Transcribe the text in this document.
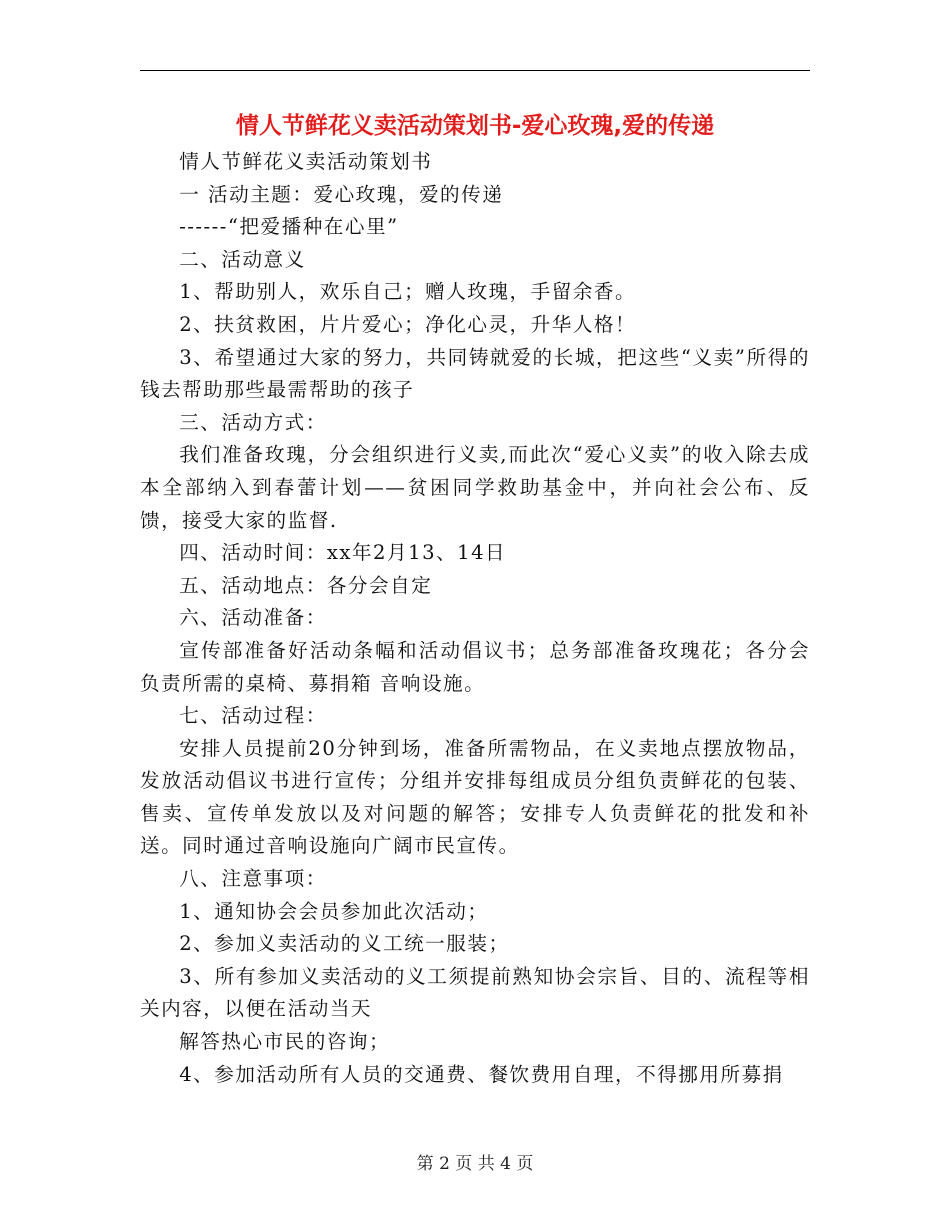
情人节鲜花义卖活动策划书-爱心玫瑰,爱的传递

情人节鲜花义卖活动策划书

一 活动主题：爱心玫瑰，爱的传递

------“把爱播种在心里”

二、活动意义

1、帮助别人，欢乐自己；赠人玫瑰，手留余香。

2、扶贫救困，片片爱心；净化心灵，升华人格！

3、希望通过大家的努力，共同铸就爱的长城，把这些“义卖”所得的钱去帮助那些最需帮助的孩子

三、活动方式：

我们准备玫瑰，分会组织进行义卖,而此次“爱心义卖”的收入除去成本全部纳入到春蕾计划——贫困同学救助基金中，并向社会公布、反馈，接受大家的监督.

四、活动时间：xx年2月13、14日

五、活动地点：各分会自定

六、活动准备：

宣传部准备好活动条幅和活动倡议书；总务部准备玫瑰花；各分会负责所需的桌椅、募捐箱 音响设施。

七、活动过程：

安排人员提前20分钟到场，准备所需物品，在义卖地点摆放物品，发放活动倡议书进行宣传；分组并安排每组成员分组负责鲜花的包装、售卖、宣传单发放以及对问题的解答；安排专人负责鲜花的批发和补送。同时通过音响设施向广阔市民宣传。

八、注意事项：

1、通知协会会员参加此次活动；

2、参加义卖活动的义工统一服装；

3、所有参加义卖活动的义工须提前熟知协会宗旨、目的、流程等相关内容，以便在活动当天

解答热心市民的咨询；

4、参加活动所有人员的交通费、餐饮费用自理，不得挪用所募捐

第 2 页 共 4 页
